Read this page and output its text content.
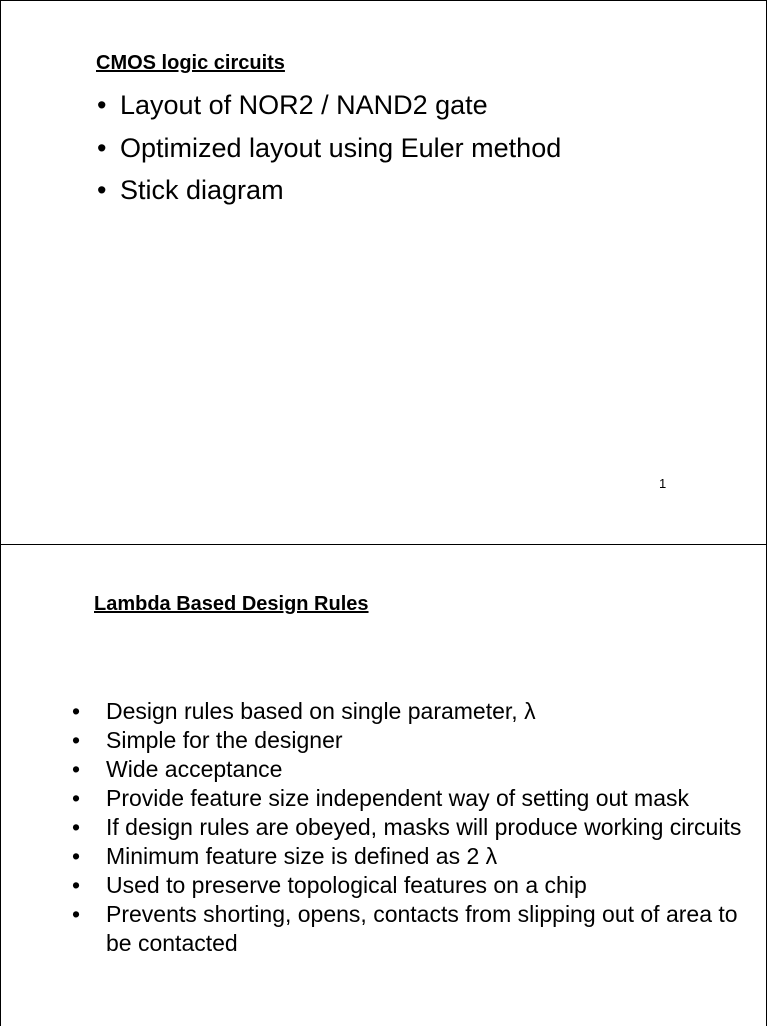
CMOS logic circuits
• Layout of NOR2 / NAND2 gate
• Optimized layout using Euler method
• Stick diagram
1
Lambda Based Design Rules
• Design rules based on single parameter, λ
• Simple for the designer
• Wide acceptance
• Provide feature size independent way of setting out mask
• If design rules are obeyed, masks will produce working circuits
• Minimum feature size is defined as 2 λ
• Used to preserve topological features on a chip
• Prevents shorting, opens, contacts from slipping out of area to be contacted
